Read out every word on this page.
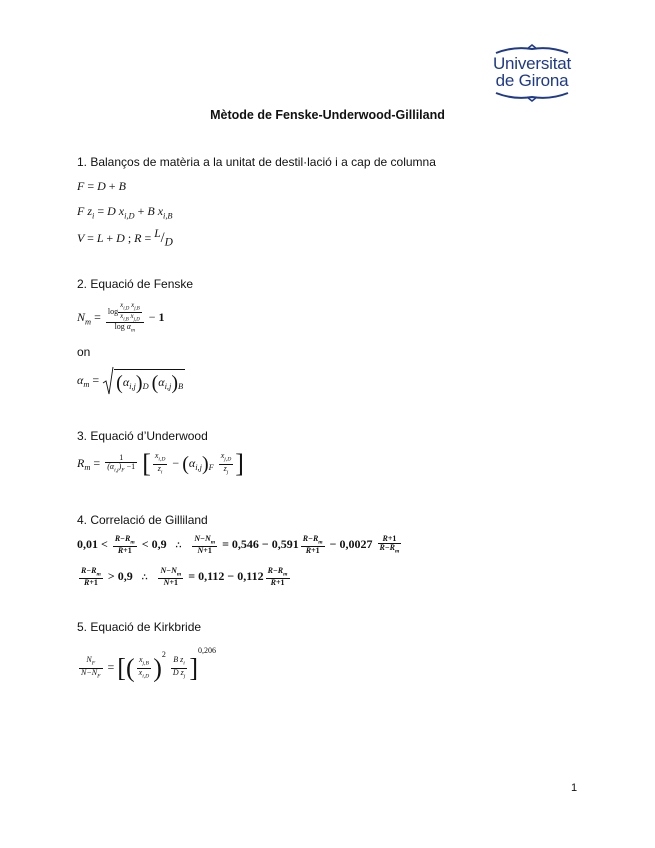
Universitat
de Girona
Mètode de Fenske-Underwood-Gilliland
1. Balanços de matèria a la unitat de destil·lació i a cap de columna
F = D + B
F $z_i = D$ $x_{i,D} + B$ $x_{i,B}$
V = L + D ; $R = ^L/_D$
2. Equació de Fenske
$N_m = \frac{\log \frac{x_{i,D} x_{j,B}}{x_{i,B} x_{j,D}}}{\log \alpha_m} - 1$
on
$\alpha_m = (\alpha_{i,j})_D$ $(\alpha_{i,j})_B$
3. Equació d’Underwood
$R_m = \frac{1}{(\alpha_{i,j})_F -1}$ [ $\frac{x_{i,D}}{z_i} - (\alpha_{i,j})_F \frac{x_{j,D}}{z_j}$ ]
4. Correlació de Gilliland
$0,01 < \frac{R-R_m}{R+1} < 0,9$ ∴ $\frac{N-N_m}{N+1} = 0,546 - 0,591 \frac{R-R_m}{R+1} - 0,0027 \frac{R+1}{R-R_m}$
$\frac{R-R_m}{R+1} > 0,9$ ∴ $\frac{N-N_m}{N+1} = 0,112 - 0,112 \frac{R-R_m}{R+1}$
5. Equació de Kirkbride
$\frac{N_F}{N-N_F}$ = [( $\frac{x_{j,B}}{x_{i,D}} )^2$
$\frac{B z_i}{D z_j} ]^{0,206}$
1
